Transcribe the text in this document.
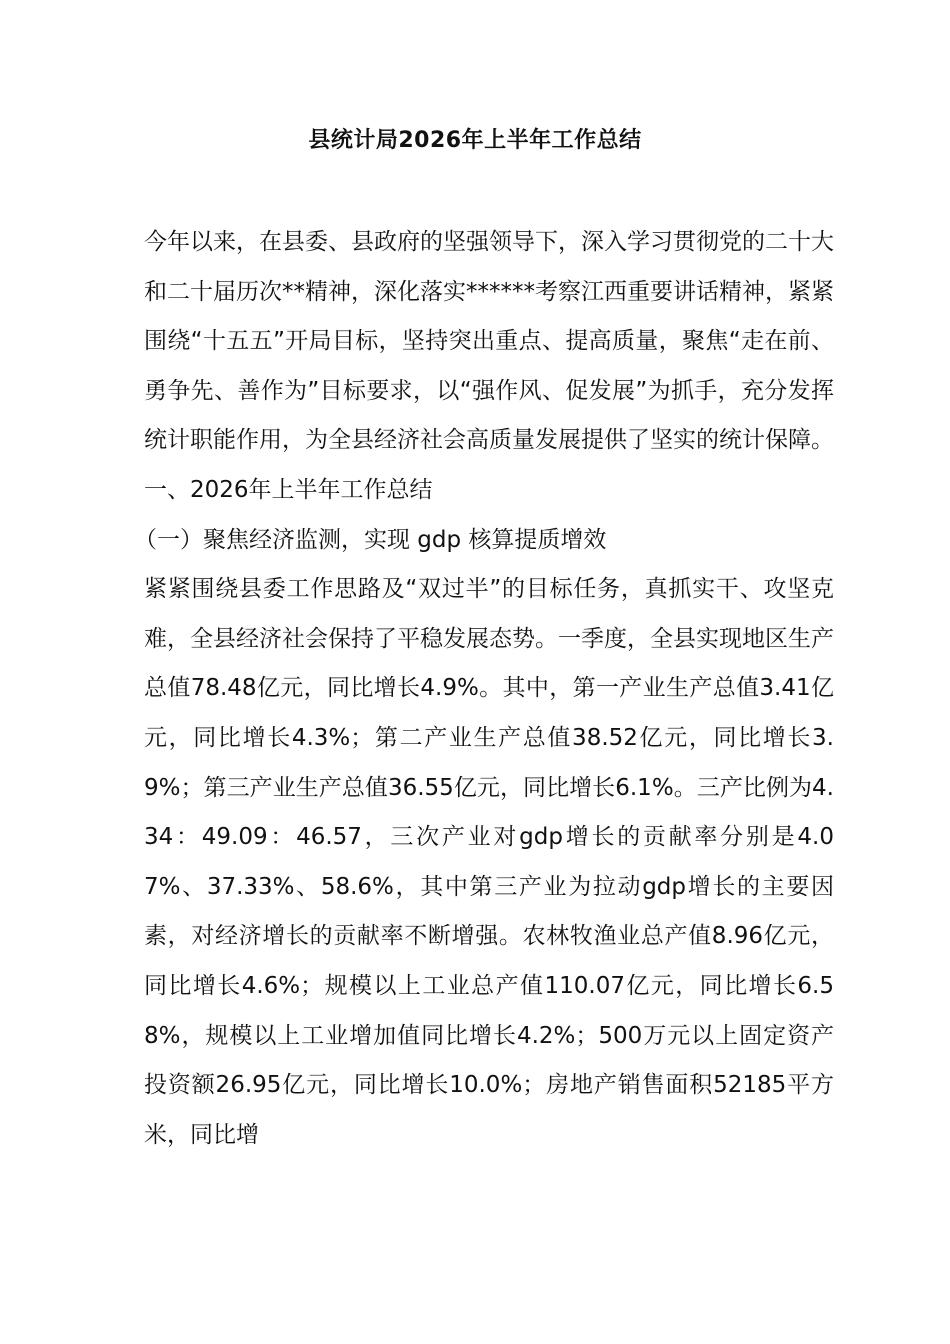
县统计局2026年上半年工作总结

今年以来，在县委、县政府的坚强领导下，深入学习贯彻党的二十大和二十届历次**精神，深化落实******考察江西重要讲话精神，紧紧围绕“十五五”开局目标，坚持突出重点、提高质量，聚焦“走在前、勇争先、善作为”目标要求，以“强作风、促发展”为抓手，充分发挥统计职能作用，为全县经济社会高质量发展提供了坚实的统计保障。

一、2026年上半年工作总结

（一）聚焦经济监测，实现 gdp 核算提质增效

紧紧围绕县委工作思路及“双过半”的目标任务，真抓实干、攻坚克难，全县经济社会保持了平稳发展态势。一季度，全县实现地区生产总值78.48亿元，同比增长4.9%。其中，第一产业生产总值3.41亿元，同比增长4.3%；第二产业生产总值38.52亿元，同比增长3.9%；第三产业生产总值36.55亿元，同比增长6.1%。三产比例为4.34：49.09：46.57，三次产业对gdp增长的贡献率分别是4.07%、37.33%、58.6%，其中第三产业为拉动gdp增长的主要因素，对经济增长的贡献率不断增强。农林牧渔业总产值8.96亿元，同比增长4.6%；规模以上工业总产值110.07亿元，同比增长6.58%，规模以上工业增加值同比增长4.2%；500万元以上固定资产投资额26.95亿元，同比增长10.0%；房地产销售面积52185平方米，同比增
